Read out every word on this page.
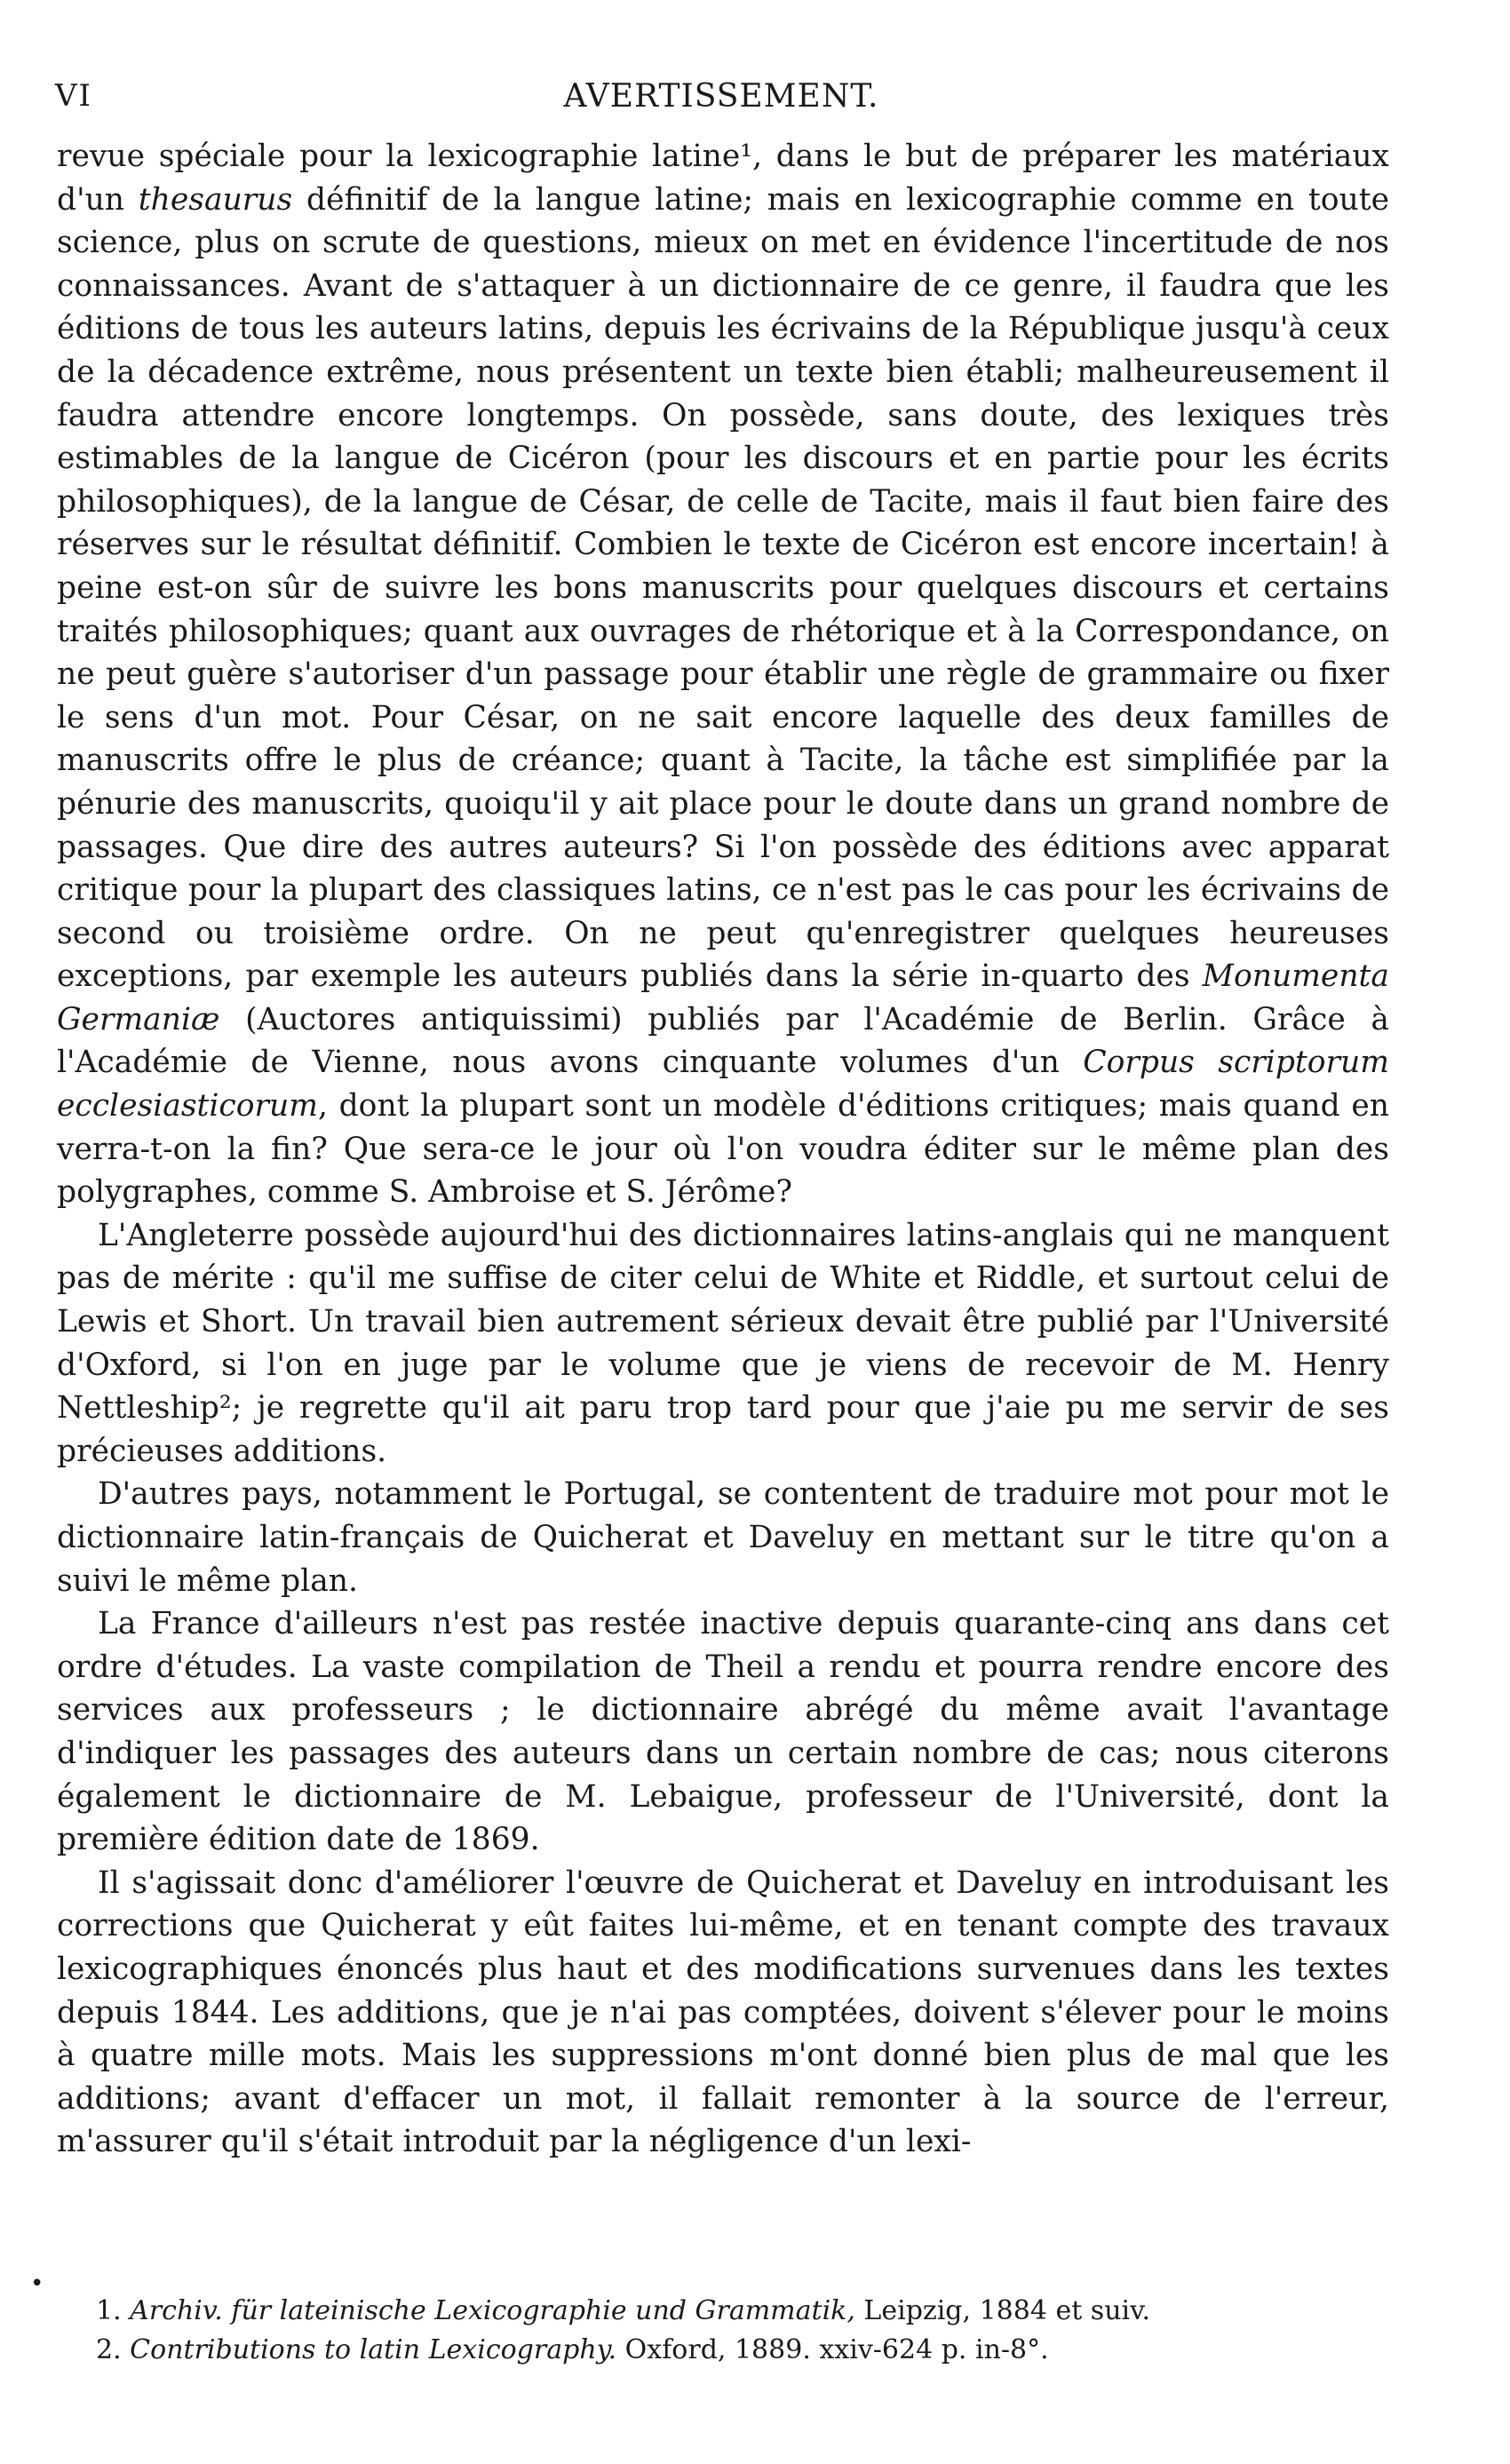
VI	AVERTISSEMENT.

revue spéciale pour la lexicographie latine¹, dans le but de préparer les matériaux d'un thesaurus définitif de la langue latine; mais en lexicographie comme en toute science, plus on scrute de questions, mieux on met en évidence l'incertitude de nos connaissances. Avant de s'attaquer à un dictionnaire de ce genre, il faudra que les éditions de tous les auteurs latins, depuis les écrivains de la République jusqu'à ceux de la décadence extrême, nous présentent un texte bien établi; malheureusement il faudra attendre encore longtemps. On possède, sans doute, des lexiques très estimables de la langue de Cicéron (pour les discours et en partie pour les écrits philosophiques), de la langue de César, de celle de Tacite, mais il faut bien faire des réserves sur le résultat définitif. Combien le texte de Cicéron est encore incertain! à peine est-on sûr de suivre les bons manuscrits pour quelques discours et certains traités philosophiques; quant aux ouvrages de rhétorique et à la Correspondance, on ne peut guère s'autoriser d'un passage pour établir une règle de grammaire ou fixer le sens d'un mot. Pour César, on ne sait encore laquelle des deux familles de manuscrits offre le plus de créance; quant à Tacite, la tâche est simplifiée par la pénurie des manuscrits, quoiqu'il y ait place pour le doute dans un grand nombre de passages. Que dire des autres auteurs? Si l'on possède des éditions avec apparat critique pour la plupart des classiques latins, ce n'est pas le cas pour les écrivains de second ou troisième ordre. On ne peut qu'enregistrer quelques heureuses exceptions, par exemple les auteurs publiés dans la série in-quarto des Monumenta Germaniæ (Auctores antiquissimi) publiés par l'Académie de Berlin. Grâce à l'Académie de Vienne, nous avons cinquante volumes d'un Corpus scriptorum ecclesiasticorum, dont la plupart sont un modèle d'éditions critiques; mais quand en verra-t-on la fin? Que sera-ce le jour où l'on voudra éditer sur le même plan des polygraphes, comme S. Ambroise et S. Jérôme?

L'Angleterre possède aujourd'hui des dictionnaires latins-anglais qui ne manquent pas de mérite : qu'il me suffise de citer celui de White et Riddle, et surtout celui de Lewis et Short. Un travail bien autrement sérieux devait être publié par l'Université d'Oxford, si l'on en juge par le volume que je viens de recevoir de M. Henry Nettleship²; je regrette qu'il ait paru trop tard pour que j'aie pu me servir de ses précieuses additions.

D'autres pays, notamment le Portugal, se contentent de traduire mot pour mot le dictionnaire latin-français de Quicherat et Daveluy en mettant sur le titre qu'on a suivi le même plan.

La France d'ailleurs n'est pas restée inactive depuis quarante-cinq ans dans cet ordre d'études. La vaste compilation de Theil a rendu et pourra rendre encore des services aux professeurs ; le dictionnaire abrégé du même avait l'avantage d'indiquer les passages des auteurs dans un certain nombre de cas; nous citerons également le dictionnaire de M. Lebaigue, professeur de l'Université, dont la première édition date de 1869.

Il s'agissait donc d'améliorer l'œuvre de Quicherat et Daveluy en introduisant les corrections que Quicherat y eût faites lui-même, et en tenant compte des travaux lexicographiques énoncés plus haut et des modifications survenues dans les textes depuis 1844. Les additions, que je n'ai pas comptées, doivent s'élever pour le moins à quatre mille mots. Mais les suppressions m'ont donné bien plus de mal que les additions; avant d'effacer un mot, il fallait remonter à la source de l'erreur, m'assurer qu'il s'était introduit par la négligence d'un lexi-

•

1. Archiv. für lateinische Lexicographie und Grammatik, Leipzig, 1884 et suiv.

2. Contributions to latin Lexicography. Oxford, 1889. xxiv-624 p. in-8°.
